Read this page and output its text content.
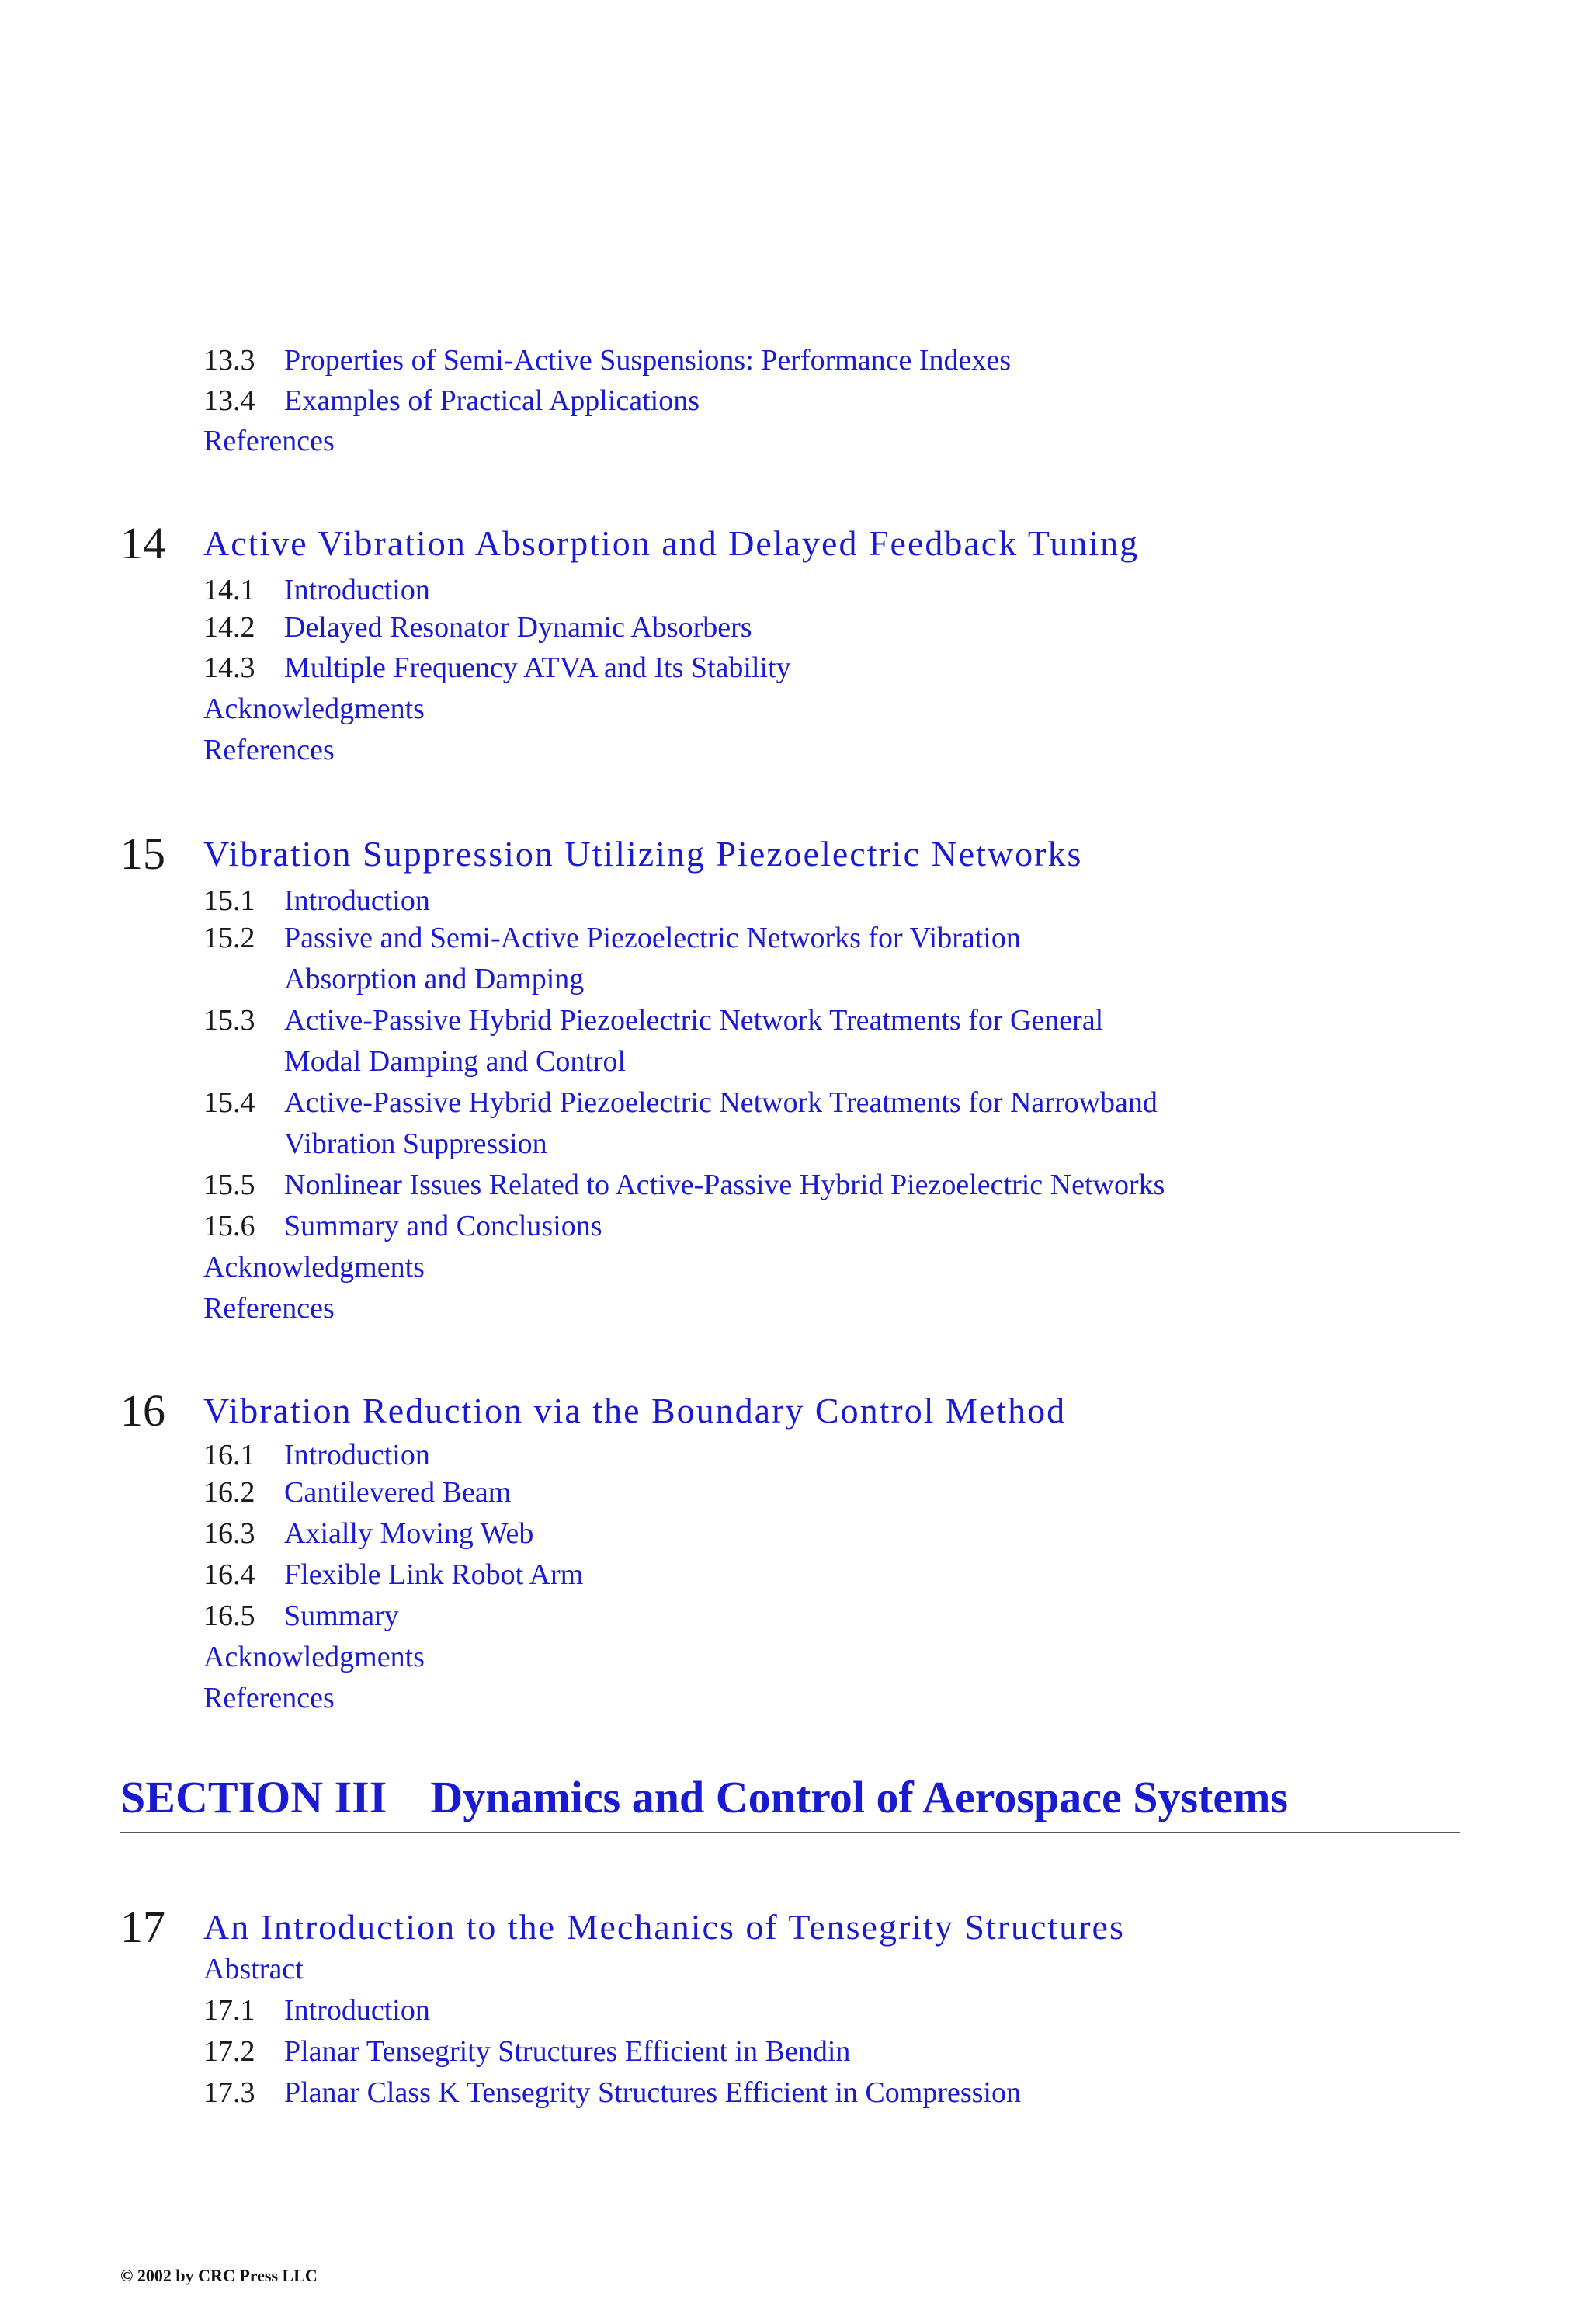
13.3 Properties of Semi-Active Suspensions: Performance Indexes
13.4 Examples of Practical Applications
References
14 Active Vibration Absorption and Delayed Feedback Tuning
14.1 Introduction
14.2 Delayed Resonator Dynamic Absorbers
14.3 Multiple Frequency ATVA and Its Stability
Acknowledgments
References
15 Vibration Suppression Utilizing Piezoelectric Networks
15.1 Introduction
15.2 Passive and Semi-Active Piezoelectric Networks for Vibration
Absorption and Damping
15.3 Active-Passive Hybrid Piezoelectric Network Treatments for General
Modal Damping and Control
15.4 Active-Passive Hybrid Piezoelectric Network Treatments for Narrowband
Vibration Suppression
15.5 Nonlinear Issues Related to Active-Passive Hybrid Piezoelectric Networks
15.6 Summary and Conclusions
Acknowledgments
References
16 Vibration Reduction via the Boundary Control Method
16.1 Introduction
16.2 Cantilevered Beam
16.3 Axially Moving Web
16.4 Flexible Link Robot Arm
16.5 Summary
Acknowledgments
References
SECTION III Dynamics and Control of Aerospace Systems
17 An Introduction to the Mechanics of Tensegrity Structures
Abstract
17.1 Introduction
17.2 Planar Tensegrity Structures Efficient in Bendin
17.3 Planar Class K Tensegrity Structures Efficient in Compression
© 2002 by CRC Press LLC
